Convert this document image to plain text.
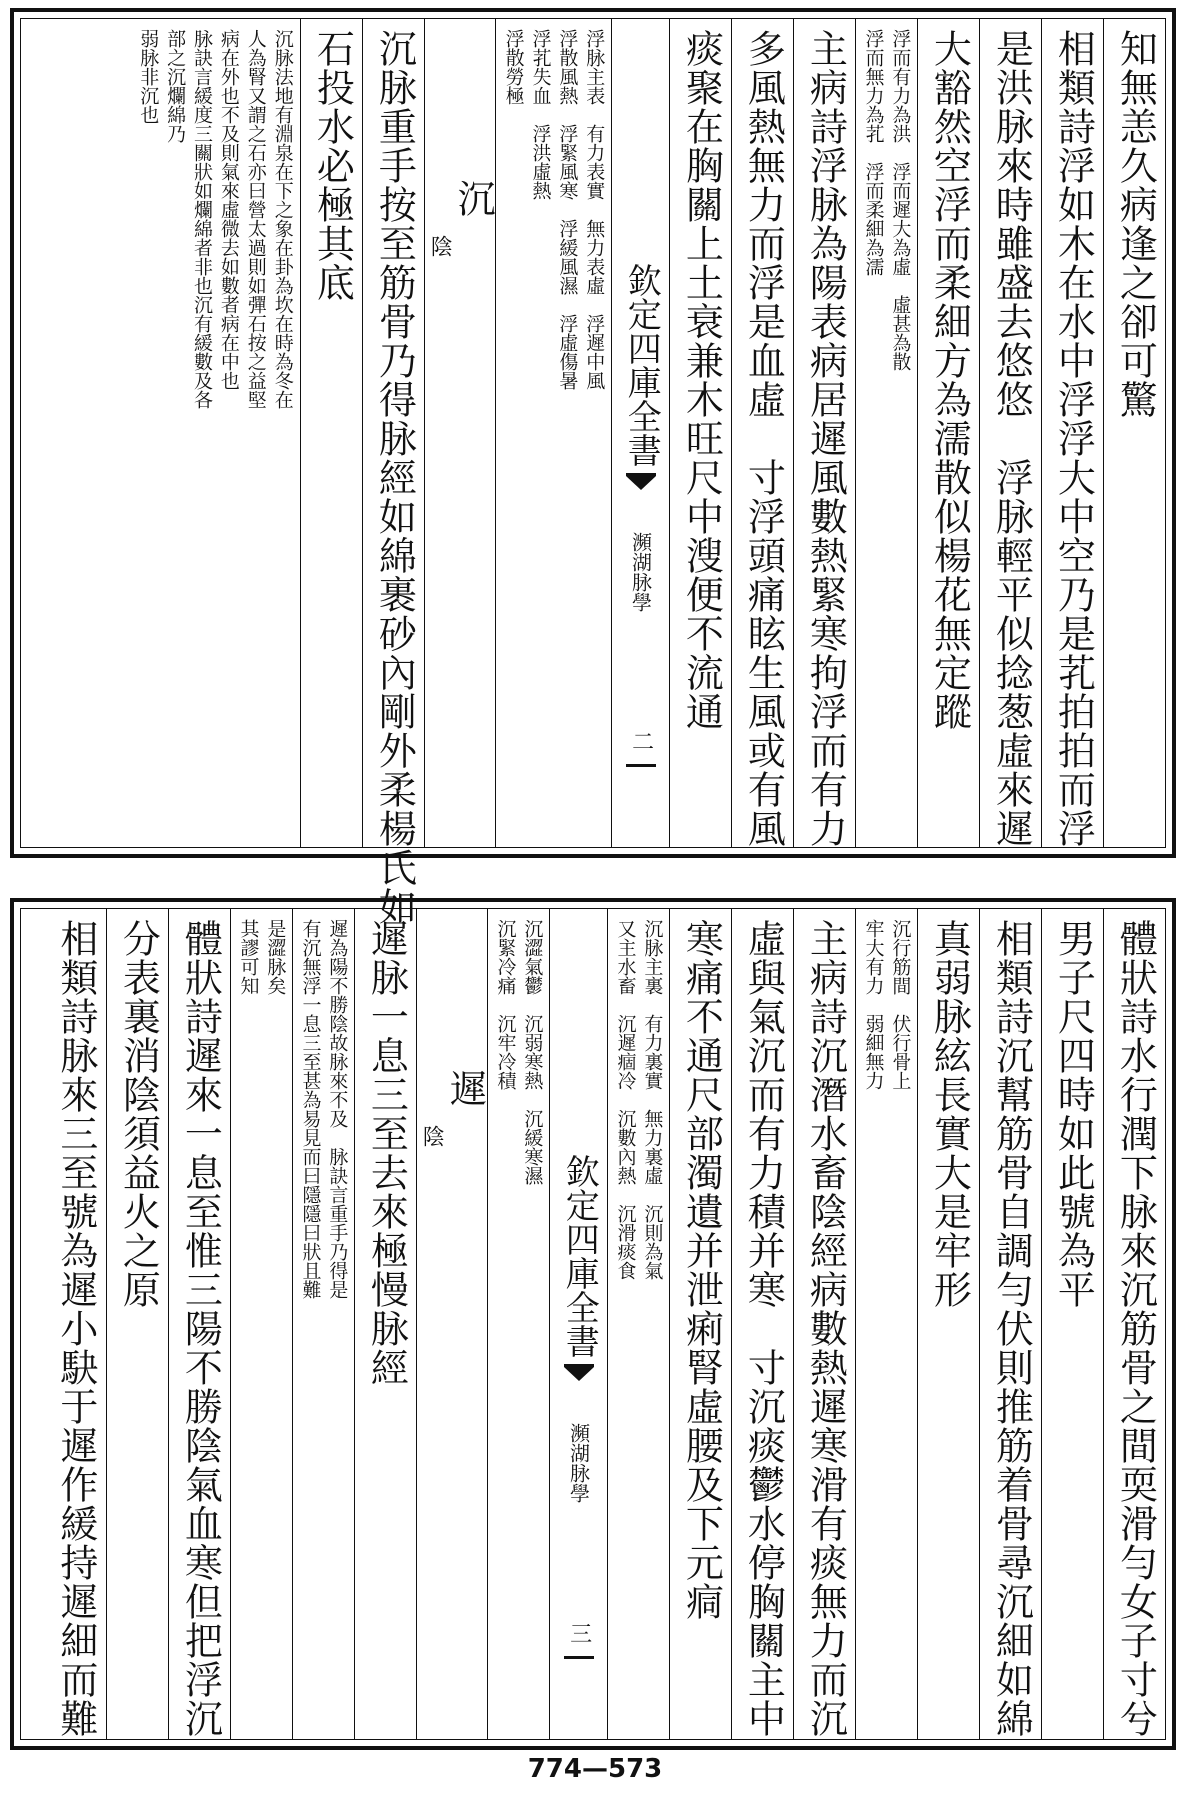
知無恙久病逢之卻可驚
相類詩浮如木在水中浮浮大中空乃是芤拍拍而浮
是洪脉來時雖盛去悠悠　浮脉輕平似捻葱虛來遲
大豁然空浮而柔細方為濡散似楊花無定蹤
浮而有力為洪　浮而遲大為虛　虛甚為散
浮而無力為芤　浮而柔細為濡
主病詩浮脉為陽表病居遲風數熱緊寒拘浮而有力
多風熱無力而浮是血虛　寸浮頭痛眩生風或有風
痰聚在胸關上土衰兼木旺尺中溲便不流通
欽定四庫全書
瀕湖脉學
二
浮脉主表　有力表實　無力表虛　浮遲中風
浮散風熱　浮緊風寒　浮緩風濕　浮虛傷暑
浮芤失血　浮洪虛熱
浮散勞極
沉
陰
沉脉重手按至筋骨乃得脉經如綿裹砂內剛外柔楊氏如
石投水必極其底
沉脉法地有淵泉在下之象在卦為坎在時為冬在
人為腎又謂之石亦曰營太過則如彈石按之益堅
病在外也不及則氣來虛微去如數者病在中也
脉訣言緩度三關狀如爛綿者非也沉有緩數及各
部之沉爛綿乃
弱脉非沉也
體狀詩水行潤下脉來沉筋骨之間耎滑勻女子寸兮
男子尺四時如此號為平
相類詩沉幫筋骨自調勻伏則推筋着骨尋沉細如綿
真弱脉絃長實大是牢形
沉行筋間　伏行骨上
牢大有力　弱細無力
主病詩沉潛水畜陰經病數熱遲寒滑有痰無力而沉
虛與氣沉而有力積并寒　寸沉痰鬱水停胸關主中
寒痛不通尺部濁遺并泄痢腎虛腰及下元痌
沉脉主裏　有力裏實　無力裏虛　沉則為氣
又主水畜　沉遲痼冷　沉數內熱　沉滑痰食
欽定四庫全書
瀕湖脉學
三
沉澀氣鬱　沉弱寒熱　沉緩寒濕
沉緊冷痛　沉牢冷積
遲
陰
遲脉一息三至去來極慢脉經
遲為陽不勝陰故脉來不及　脉訣言重手乃得是
有沉無浮一息三至甚為易見而曰隱隱曰狀且難
是澀脉矣
其謬可知
體狀詩遲來一息至惟三陽不勝陰氣血寒但把浮沉
分表裏消陰須益火之原
相類詩脉來三至號為遲小駃于遲作緩持遲細而難
774—573
